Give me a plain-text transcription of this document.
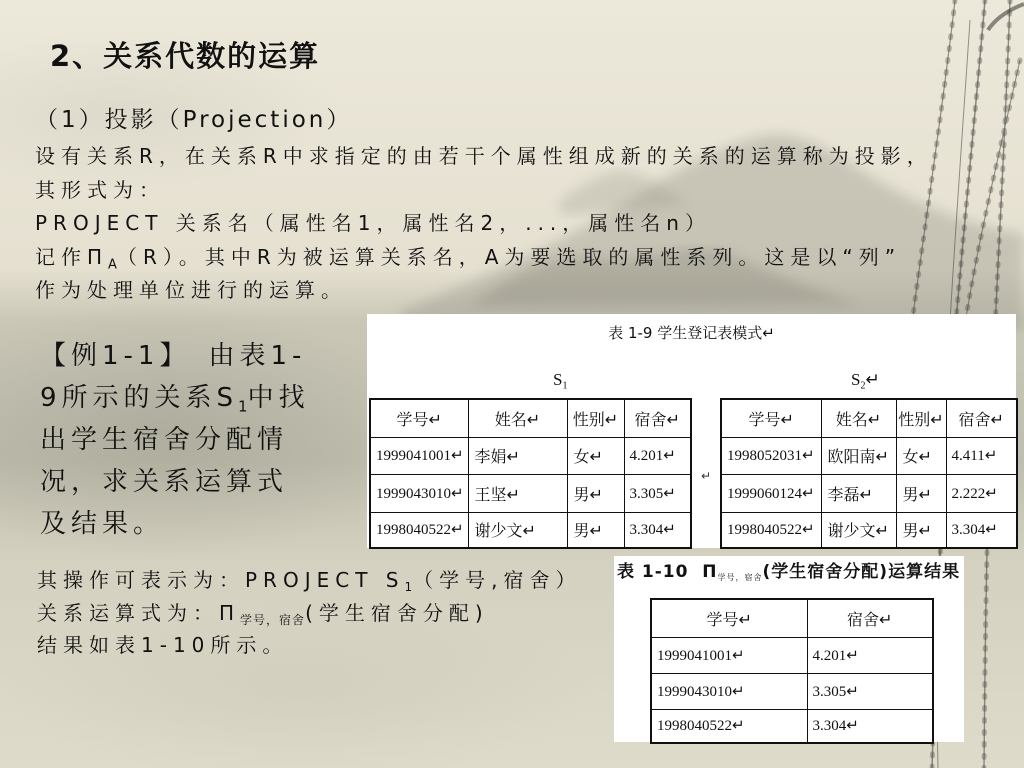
2、关系代数的运算
（1）投影（Projection）
设有关系R，在关系R中求指定的由若干个属性组成新的关系的运算称为投影，
其形式为：
PROJECT 关系名（属性名1，属性名2，...，属性名n）
记作$\Pi_A(R)$。其中R为被运算关系名，A为要选取的属性系列。这是以“列”
作为处理单位进行的运算。
【例1-1】　由表1-
9所示的关系$S_1$中找
出学生宿舍分配情
况，求关系运算式
及结果。
其操作可表示为：PROJECT $S_1$（学号,宿舍）
关系运算式为：$\Pi_{学号,宿舍}$(学生宿舍分配)
结果如表1-10所示。
表 1-9 学生登记表模式↵
$S_1$	$S_2↵$
↵
学号↵	姓名↵	性别↵	宿舍↵
1999041001↵	李娟↵	女↵	4.201↵
1999043010↵	王坚↵	男↵	3.305↵
1998040522↵	谢少文↵	男↵	3.304↵
学号↵	姓名↵	性别↵	宿舍↵
1998052031↵	欧阳南↵	女↵	4.411↵
1999060124↵	李磊↵	男↵	2.222↵
1998040522↵	谢少文↵	男↵	3.304↵
表 1-10  $\Pi_{学号,宿舍}$(学生宿舍分配)运算结果
学号↵	宿舍↵
1999041001↵	4.201↵
1999043010↵	3.305↵
1998040522↵	3.304↵
